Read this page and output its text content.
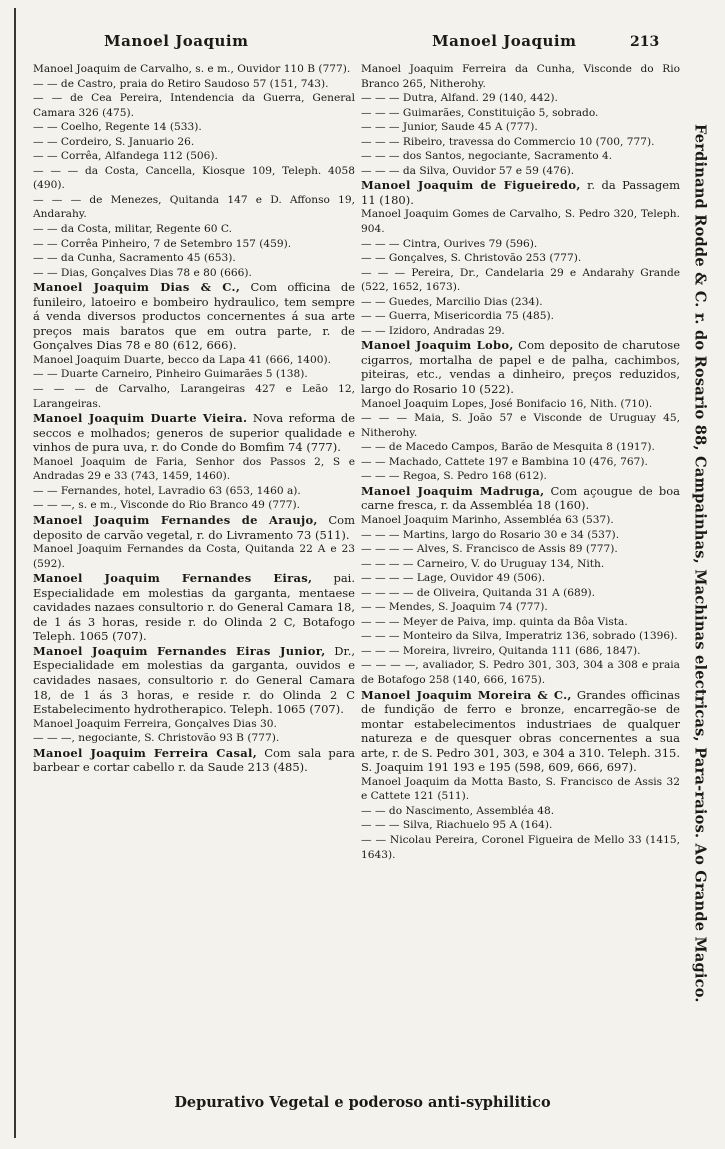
Manoel Joaquim	Manoel Joaquim	213

Manoel Joaquim de Carvalho, s. e m., Ouvidor 110 B (777).

— — de Castro, praia do Retiro Saudoso 57 (151, 743).

— — de Cea Pereira, Intendencia da Guerra, General Camara 326 (475).

— — Coelho, Regente 14 (533).

— — Cordeiro, S. Januario 26.

— — Corrêa, Alfandega 112 (506).

— — — da Costa, Cancella, Kiosque 109, Teleph. 4058 (490).

— — — de Menezes, Quitanda 147 e D. Affonso 19, Andarahy.

— — da Costa, militar, Regente 60 C.

— — Corrêa Pinheiro, 7 de Setembro 157 (459).

— — da Cunha, Sacramento 45 (653).

— — Dias, Gonçalves Dias 78 e 80 (666).

Manoel Joaquim Dias & C., Com officina de funileiro, latoeiro e bombeiro hydraulico, tem sempre á venda diversos productos concernentes á sua arte preços mais baratos que em outra parte, r. de Gonçalves Dias 78 e 80 (612, 666).

Manoel Joaquim Duarte, becco da Lapa 41 (666, 1400).

— — Duarte Carneiro, Pinheiro Guimarães 5 (138).

— — — de Carvalho, Larangeiras 427 e Leão 12, Larangeiras.

Manoel Joaquim Duarte Vieira. Nova reforma de seccos e molhados; generos de superior qualidade e vinhos de pura uva, r. do Conde do Bomfim 74 (777).

Manoel Joaquim de Faria, Senhor dos Passos 2, S e Andradas 29 e 33 (743, 1459, 1460).

— — Fernandes, hotel, Lavradio 63 (653, 1460 a).

— — —, s. e m., Visconde do Rio Branco 49 (777).

Manoel Joaquim Fernandes de Araujo, Com deposito de carvão vegetal, r. do Livramento 73 (511).

Manoel Joaquim Fernandes da Costa, Quitanda 22 A e 23 (592).

Manoel Joaquim Fernandes Eiras, pai. Especialidade em molestias da garganta, mentaese cavidades nazaes consultorio r. do General Camara 18, de 1 ás 3 horas, reside r. do Olinda 2 C, Botafogo Teleph. 1065 (707).

Manoel Joaquim Fernandes Eiras Junior, Dr., Especialidade em molestias da garganta, ouvidos e cavidades nasaes, consultorio r. do General Camara 18, de 1 ás 3 horas, e reside r. do Olinda 2 C Estabelecimento hydrotherapico. Teleph. 1065 (707).

Manoel Joaquim Ferreira, Gonçalves Dias 30.

— — —, negociante, S. Christovão 93 B (777).

Manoel Joaquim Ferreira Casal, Com sala para barbear e cortar cabello r. da Saude 213 (485).

Manoel Joaquim Ferreira da Cunha, Visconde do Rio Branco 265, Nitherohy.

— — — Dutra, Alfand. 29 (140, 442).

— — — Guimarães, Constituição 5, sobrado.

— — — Junior, Saude 45 A (777).

— — — Ribeiro, travessa do Commercio 10 (700, 777).

— — — dos Santos, negociante, Sacramento 4.

— — — da Silva, Ouvidor 57 e 59 (476).

Manoel Joaquim de Figueiredo, r. da Passagem 11 (180).

Manoel Joaquim Gomes de Carvalho, S. Pedro 320, Teleph. 904.

— — — Cintra, Ourives 79 (596).

— — Gonçalves, S. Christovão 253 (777).

— — — Pereira, Dr., Candelaria 29 e Andarahy Grande (522, 1652, 1673).

— — Guedes, Marcilio Dias (234).

— — Guerra, Misericordia 75 (485).

— — Izidoro, Andradas 29.

Manoel Joaquim Lobo, Com deposito de charutose cigarros, mortalha de papel e de palha, cachimbos, piteiras, etc., vendas a dinheiro, preços reduzidos, largo do Rosario 10 (522).

Manoel Joaquim Lopes, José Bonifacio 16, Nith. (710).

— — — Maia, S. João 57 e Visconde de Uruguay 45, Nitherohy.

— — de Macedo Campos, Barão de Mesquita 8 (1917).

— — Machado, Cattete 197 e Bambina 10 (476, 767).

— — — Regoa, S. Pedro 168 (612).

Manoel Joaquim Madruga, Com açougue de boa carne fresca, r. da Assembléa 18 (160).

Manoel Joaquim Marinho, Assembléa 63 (537).

— — — Martins, largo do Rosario 30 e 34 (537).

— — — — Alves, S. Francisco de Assis 89 (777).

— — — — Carneiro, V. do Uruguay 134, Nith.

— — — — Lage, Ouvidor 49 (506).

— — — — de Oliveira, Quitanda 31 A (689).

— — Mendes, S. Joaquim 74 (777).

— — — Meyer de Paiva, imp. quinta da Bôa Vista.

— — — Monteiro da Silva, Imperatriz 136, sobrado (1396).

— — — Moreira, livreiro, Quitanda 111 (686, 1847).

— — — —, avaliador, S. Pedro 301, 303, 304 a 308 e praia de Botafogo 258 (140, 666, 1675).

Manoel Joaquim Moreira & C., Grandes officinas de fundição de ferro e bronze, encarregão-se de montar estabelecimentos industriaes de qualquer natureza e de quesquer obras concernentes a sua arte, r. de S. Pedro 301, 303, e 304 a 310. Teleph. 315. S. Joaquim 191 193 e 195 (598, 609, 666, 697).

Manoel Joaquim da Motta Basto, S. Francisco de Assis 32 e Cattete 121 (511).

— — do Nascimento, Assembléa 48.

— — — Silva, Riachuelo 95 A (164).

— — Nicolau Pereira, Coronel Figueira de Mello 33 (1415, 1643).	Ferdinand Rodde & C. r. do Rosario 88, Campainhas, Machinas electricas, Para-raios. Ao Grande Magico.
Depurativo Vegetal e poderoso anti-syphilitico
